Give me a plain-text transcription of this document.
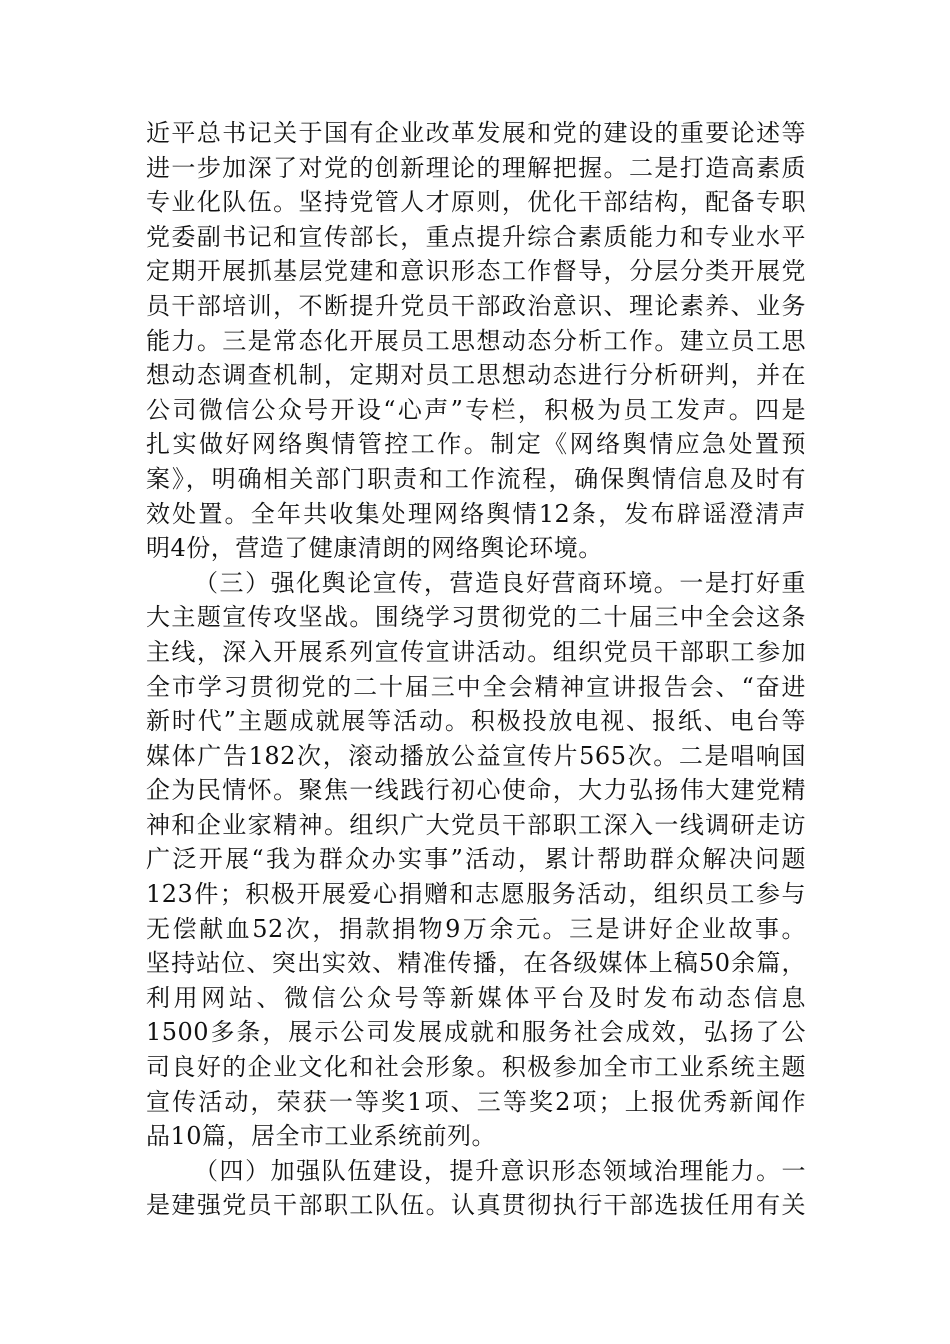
近平总书记关于国有企业改革发展和党的建设的重要论述等
进一步加深了对党的创新理论的理解把握。二是打造高素质
专业化队伍。坚持党管人才原则，优化干部结构，配备专职
党委副书记和宣传部长，重点提升综合素质能力和专业水平
定期开展抓基层党建和意识形态工作督导，分层分类开展党
员干部培训，不断提升党员干部政治意识、理论素养、业务
能力。三是常态化开展员工思想动态分析工作。建立员工思
想动态调查机制，定期对员工思想动态进行分析研判，并在
公司微信公众号开设“心声”专栏，积极为员工发声。四是
扎实做好网络舆情管控工作。制定《网络舆情应急处置预
案》，明确相关部门职责和工作流程，确保舆情信息及时有
效处置。全年共收集处理网络舆情12条，发布辟谣澄清声
明4份，营造了健康清朗的网络舆论环境。
（三）强化舆论宣传，营造良好营商环境。一是打好重
大主题宣传攻坚战。围绕学习贯彻党的二十届三中全会这条
主线，深入开展系列宣传宣讲活动。组织党员干部职工参加
全市学习贯彻党的二十届三中全会精神宣讲报告会、“奋进
新时代”主题成就展等活动。积极投放电视、报纸、电台等
媒体广告182次，滚动播放公益宣传片565次。二是唱响国
企为民情怀。聚焦一线践行初心使命，大力弘扬伟大建党精
神和企业家精神。组织广大党员干部职工深入一线调研走访
广泛开展“我为群众办实事”活动，累计帮助群众解决问题
123件；积极开展爱心捐赠和志愿服务活动，组织员工参与
无偿献血52次，捐款捐物9万余元。三是讲好企业故事。
坚持站位、突出实效、精准传播，在各级媒体上稿50余篇，
利用网站、微信公众号等新媒体平台及时发布动态信息
1500多条，展示公司发展成就和服务社会成效，弘扬了公
司良好的企业文化和社会形象。积极参加全市工业系统主题
宣传活动，荣获一等奖1项、三等奖2项；上报优秀新闻作
品10篇，居全市工业系统前列。
（四）加强队伍建设，提升意识形态领域治理能力。一
是建强党员干部职工队伍。认真贯彻执行干部选拔任用有关
